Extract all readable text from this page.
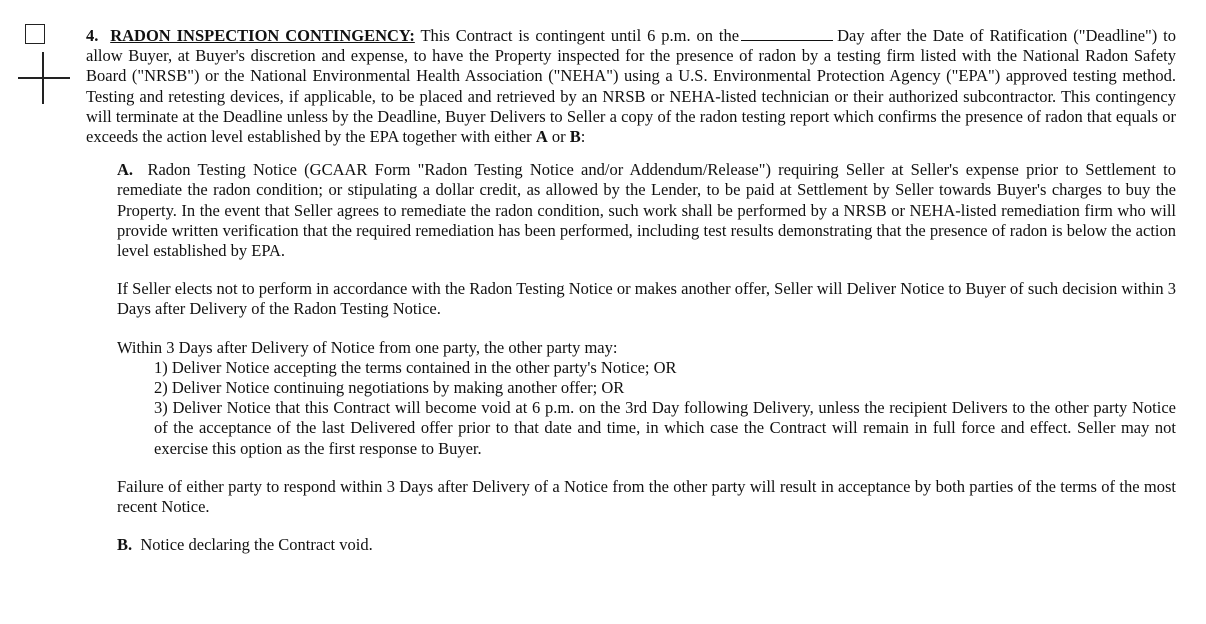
4. RADON INSPECTION CONTINGENCY: This Contract is contingent until 6 p.m. on the	Day after the Date of Ratification ("Deadline") to allow Buyer, at Buyer's discretion and expense, to have the Property inspected for the presence of radon by a testing firm listed with the National Radon Safety Board ("NRSB") or the National Environmental Health Association ("NEHA") using a U.S. Environmental Protection Agency ("EPA") approved testing method. Testing and retesting devices, if applicable, to be placed and retrieved by an NRSB or NEHA-listed technician or their authorized subcontractor. This contingency will terminate at the Deadline unless by the Deadline, Buyer Delivers to Seller a copy of the radon testing report which confirms the presence of radon that equals or exceeds the action level established by the EPA together with either A or B:

A. Radon Testing Notice (GCAAR Form "Radon Testing Notice and/or Addendum/Release") requiring Seller at Seller's expense prior to Settlement to remediate the radon condition; or stipulating a dollar credit, as allowed by the Lender, to be paid at Settlement by Seller towards Buyer's charges to buy the Property. In the event that Seller agrees to remediate the radon condition, such work shall be performed by a NRSB or NEHA-listed remediation firm who will provide written verification that the required remediation has been performed, including test results demonstrating that the presence of radon is below the action level established by EPA.

If Seller elects not to perform in accordance with the Radon Testing Notice or makes another offer, Seller will Deliver Notice to Buyer of such decision within 3 Days after Delivery of the Radon Testing Notice.

Within 3 Days after Delivery of Notice from one party, the other party may:

1) Deliver Notice accepting the terms contained in the other party's Notice; OR

2) Deliver Notice continuing negotiations by making another offer; OR

3) Deliver Notice that this Contract will become void at 6 p.m. on the 3rd Day following Delivery, unless the recipient Delivers to the other party Notice of the acceptance of the last Delivered offer prior to that date and time, in which case the Contract will remain in full force and effect. Seller may not exercise this option as the first response to Buyer.

Failure of either party to respond within 3 Days after Delivery of a Notice from the other party will result in acceptance by both parties of the terms of the most recent Notice.

B. Notice declaring the Contract void.
